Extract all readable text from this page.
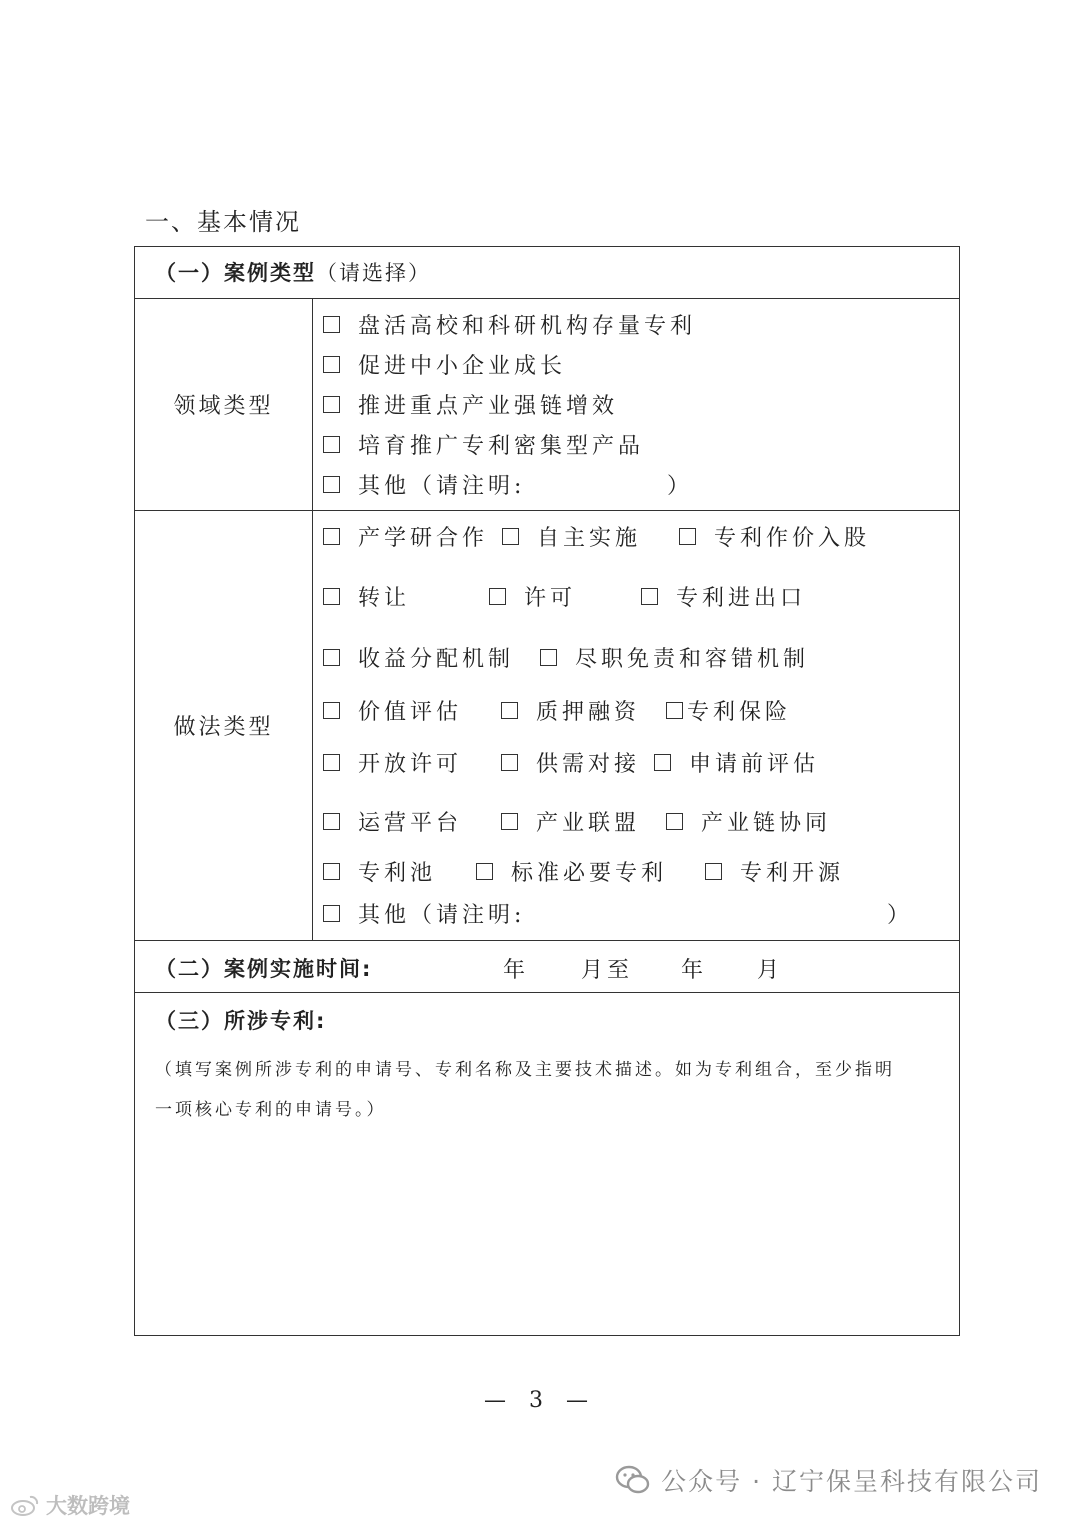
一、基本情况
（一）案例类型（请选择）
领域类型
盘活高校和科研机构存量专利
促进中小企业成长
推进重点产业强链增效
培育推广专利密集型产品
其他（请注明:	）
做法类型
产学研合作 自主实施	专利作价入股
转让	许可	专利进出口
收益分配机制	尽职免责和容错机制
价值评估	质押融资 专利保险
开放许可	供需对接 申请前评估
运营平台	产业联盟	产业链协同
专利池	标准必要专利	专利开源
其他（请注明:	）
（二）案例实施时间:	年 月至 年 月
（三）所涉专利:
（填写案例所涉专利的申请号、专利名称及主要技术描述。如为专利组合，至少指明
一项核心专利的申请号。）
— 3 —
公众号 · 辽宁保呈科技有限公司
大数跨境
